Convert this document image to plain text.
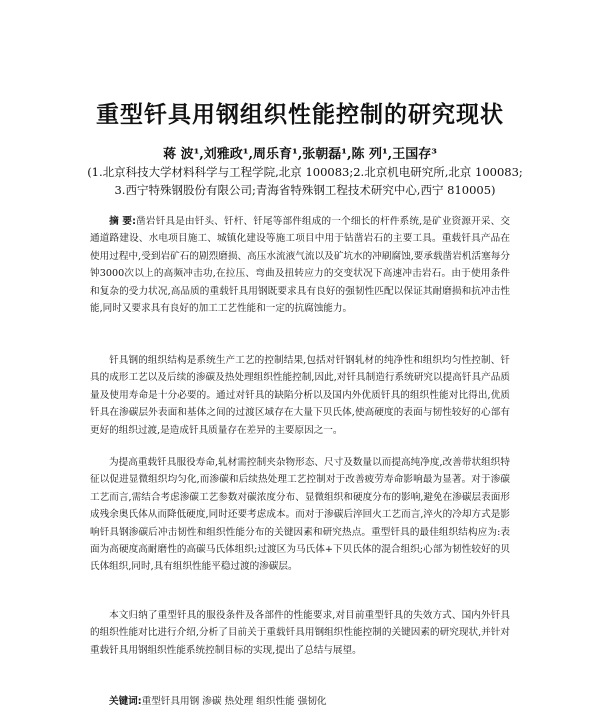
重型钎具用钢组织性能控制的研究现状
蒋 波¹,刘雅政¹,周乐育¹,张朝磊¹,陈 列¹,王国存³
(1.北京科技大学材料科学与工程学院,北京 100083;2.北京机电研究所,北京 100083;
3.西宁特殊钢股份有限公司;青海省特殊钢工程技术研究中心,西宁 810005)
摘 要:凿岩钎具是由钎头、钎杆、钎尾等部件组成的一个细长的杆件系统,是矿业资源开采、交通道路建设、水电项目施工、城镇化建设等施工项目中用于钻凿岩石的主要工具。重载钎具产品在使用过程中,受到岩矿石的剧烈磨损、高压水流液气流以及矿坑水的冲刷腐蚀,要承载凿岩机活塞每分钟3000次以上的高频冲击功,在拉压、弯曲及扭转应力的交变状况下高速冲击岩石。由于使用条件和复杂的受力状况,高品质的重载钎具用钢既要求具有良好的强韧性匹配以保证其耐磨损和抗冲击性能,同时又要求具有良好的加工工艺性能和一定的抗腐蚀能力。
钎具钢的组织结构是系统生产工艺的控制结果,包括对钎钢轧材的纯净性和组织均匀性控制、钎具的成形工艺以及后续的渗碳及热处理组织性能控制,因此,对钎具制造行系统研究以提高钎具产品质量及使用寿命是十分必要的。通过对钎具的缺陷分析以及国内外优质钎具的组织性能对比得出,优质钎具在渗碳层外表面和基体之间的过渡区域存在大量下贝氏体,使高硬度的表面与韧性较好的心部有更好的组织过渡,是造成钎具质量存在差异的主要原因之一。
为提高重载钎具服役寿命,轧材需控制夹杂物形态、尺寸及数量以而提高纯净度,改善带状组织特征以促进显微组织均匀化,而渗碳和后续热处理工艺控制对于改善疲劳寿命影响最为显著。对于渗碳工艺而言,需结合考虑渗碳工艺参数对碳浓度分布、显微组织和硬度分布的影响,避免在渗碳层表面形成残余奥氏体从而降低硬度,同时还要考虑成本。而对于渗碳后淬回火工艺而言,淬火的冷却方式是影响钎具钢渗碳后冲击韧性和组织性能分布的关键因素和研究热点。重型钎具的最佳组织结构应为:表面为高硬度高耐磨性的高碳马氏体组织;过渡区为马氏体+下贝氏体的混合组织;心部为韧性较好的贝氏体组织,同时,具有组织性能平稳过渡的渗碳层。
本文归纳了重型钎具的服役条件及各部件的性能要求,对目前重型钎具的失效方式、国内外钎具的组织性能对比进行介绍,分析了目前关于重载钎具用钢组织性能控制的关键因素的研究现状,并针对重载钎具用钢组织性能系统控制目标的实现,提出了总结与展望。
关键词:重型钎具用钢 渗碳 热处理 组织性能 强韧化
